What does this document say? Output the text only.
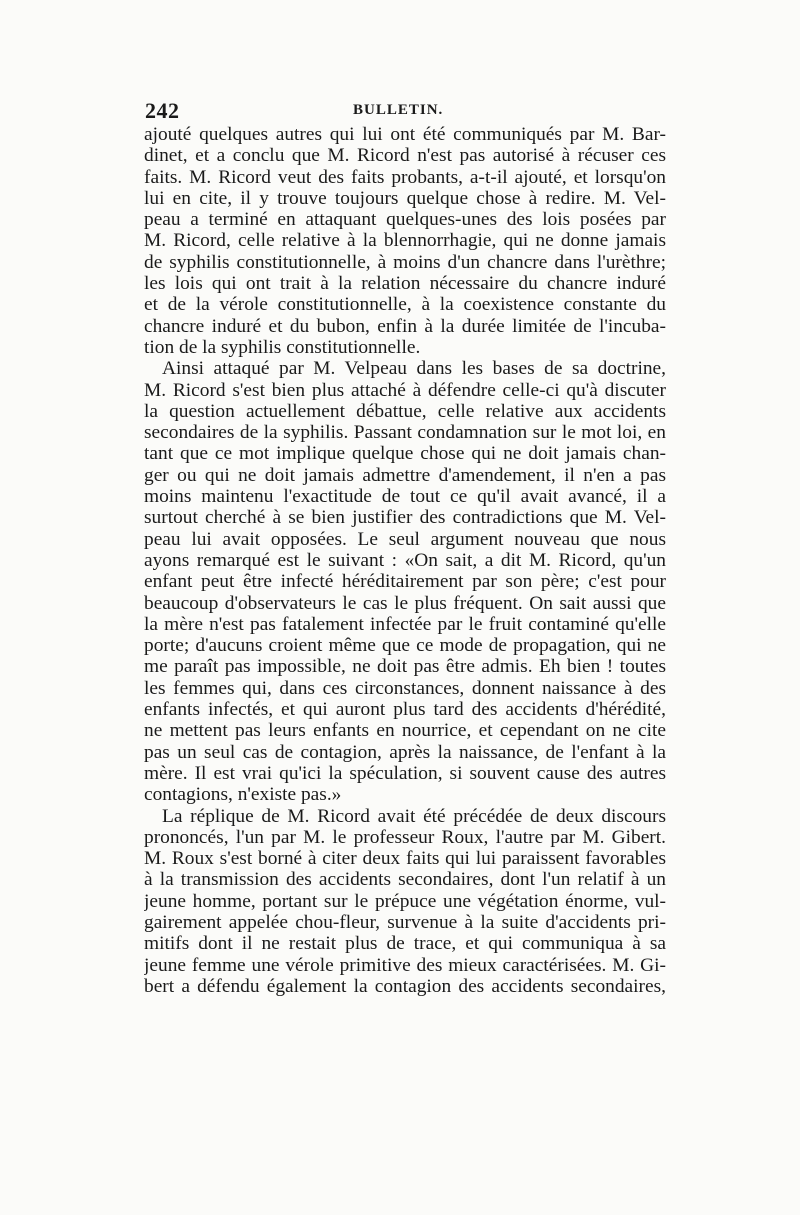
242	BULLETIN.
ajouté quelques autres qui lui ont été communiqués par M. Bar-
dinet, et a conclu que M. Ricord n'est pas autorisé à récuser ces
faits. M. Ricord veut des faits probants, a-t-il ajouté, et lorsqu'on
lui en cite, il y trouve toujours quelque chose à redire. M. Vel-
peau a terminé en attaquant quelques-unes des lois posées par
M. Ricord, celle relative à la blennorrhagie, qui ne donne jamais
de syphilis constitutionnelle, à moins d'un chancre dans l'urèthre;
les lois qui ont trait à la relation nécessaire du chancre induré
et de la vérole constitutionnelle, à la coexistence constante du
chancre induré et du bubon, enfin à la durée limitée de l'incuba-
tion de la syphilis constitutionnelle.
Ainsi attaqué par M. Velpeau dans les bases de sa doctrine,
M. Ricord s'est bien plus attaché à défendre celle-ci qu'à discuter
la question actuellement débattue, celle relative aux accidents
secondaires de la syphilis. Passant condamnation sur le mot loi, en
tant que ce mot implique quelque chose qui ne doit jamais chan-
ger ou qui ne doit jamais admettre d'amendement, il n'en a pas
moins maintenu l'exactitude de tout ce qu'il avait avancé, il a
surtout cherché à se bien justifier des contradictions que M. Vel-
peau lui avait opposées. Le seul argument nouveau que nous
ayons remarqué est le suivant : «On sait, a dit M. Ricord, qu'un
enfant peut être infecté héréditairement par son père; c'est pour
beaucoup d'observateurs le cas le plus fréquent. On sait aussi que
la mère n'est pas fatalement infectée par le fruit contaminé qu'elle
porte; d'aucuns croient même que ce mode de propagation, qui ne
me paraît pas impossible, ne doit pas être admis. Eh bien ! toutes
les femmes qui, dans ces circonstances, donnent naissance à des
enfants infectés, et qui auront plus tard des accidents d'hérédité,
ne mettent pas leurs enfants en nourrice, et cependant on ne cite
pas un seul cas de contagion, après la naissance, de l'enfant à la
mère. Il est vrai qu'ici la spéculation, si souvent cause des autres
contagions, n'existe pas.»
La réplique de M. Ricord avait été précédée de deux discours
prononcés, l'un par M. le professeur Roux, l'autre par M. Gibert.
M. Roux s'est borné à citer deux faits qui lui paraissent favorables
à la transmission des accidents secondaires, dont l'un relatif à un
jeune homme, portant sur le prépuce une végétation énorme, vul-
gairement appelée chou-fleur, survenue à la suite d'accidents pri-
mitifs dont il ne restait plus de trace, et qui communiqua à sa
jeune femme une vérole primitive des mieux caractérisées. M. Gi-
bert a défendu également la contagion des accidents secondaires,
